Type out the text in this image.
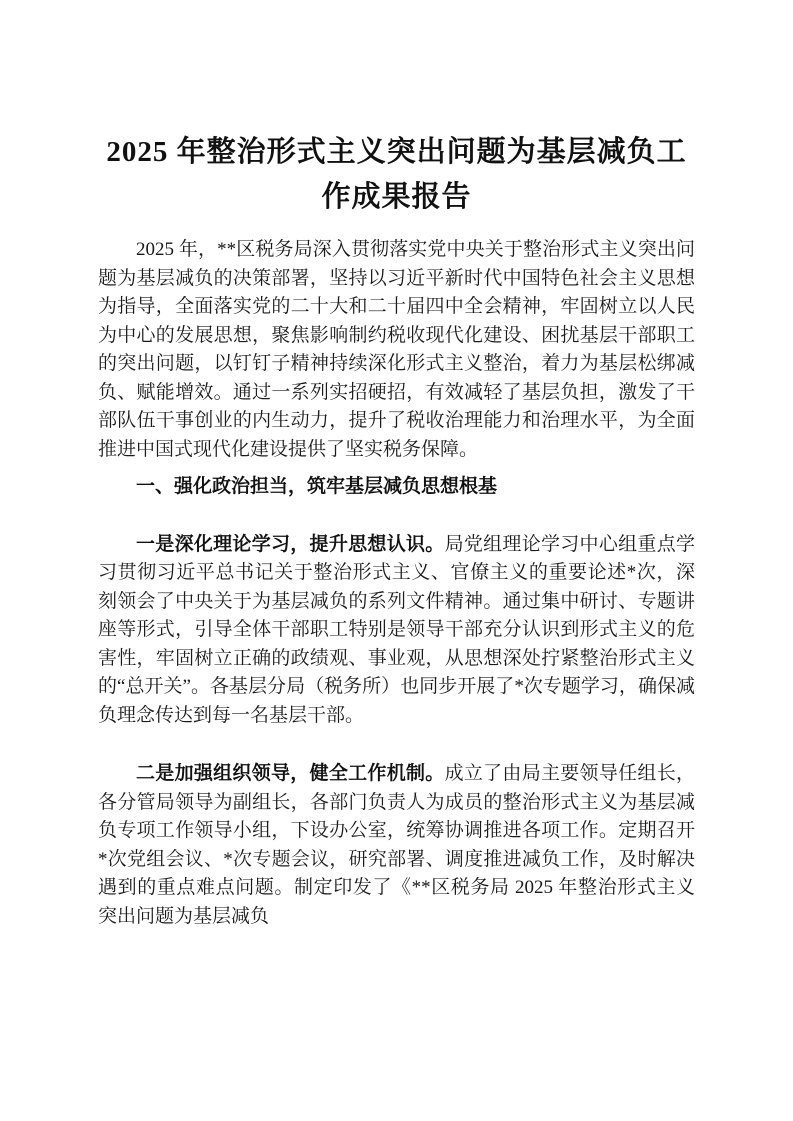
2025 年整治形式主义突出问题为基层减负工作成果报告

2025 年，**区税务局深入贯彻落实党中央关于整治形式主义突出问题为基层减负的决策部署，坚持以习近平新时代中国特色社会主义思想为指导，全面落实党的二十大和二十届四中全会精神，牢固树立以人民为中心的发展思想，聚焦影响制约税收现代化建设、困扰基层干部职工的突出问题，以钉钉子精神持续深化形式主义整治，着力为基层松绑减负、赋能增效。通过一系列实招硬招，有效减轻了基层负担，激发了干部队伍干事创业的内生动力，提升了税收治理能力和治理水平，为全面推进中国式现代化建设提供了坚实税务保障。

一、强化政治担当，筑牢基层减负思想根基

一是深化理论学习，提升思想认识。局党组理论学习中心组重点学习贯彻习近平总书记关于整治形式主义、官僚主义的重要论述*次，深刻领会了中央关于为基层减负的系列文件精神。通过集中研讨、专题讲座等形式，引导全体干部职工特别是领导干部充分认识到形式主义的危害性，牢固树立正确的政绩观、事业观，从思想深处拧紧整治形式主义的“总开关”。各基层分局（税务所）也同步开展了*次专题学习，确保减负理念传达到每一名基层干部。

二是加强组织领导，健全工作机制。成立了由局主要领导任组长，各分管局领导为副组长，各部门负责人为成员的整治形式主义为基层减负专项工作领导小组，下设办公室，统筹协调推进各项工作。定期召开*次党组会议、*次专题会议，研究部署、调度推进减负工作，及时解决遇到的重点难点问题。制定印发了《**区税务局 2025 年整治形式主义突出问题为基层减负
